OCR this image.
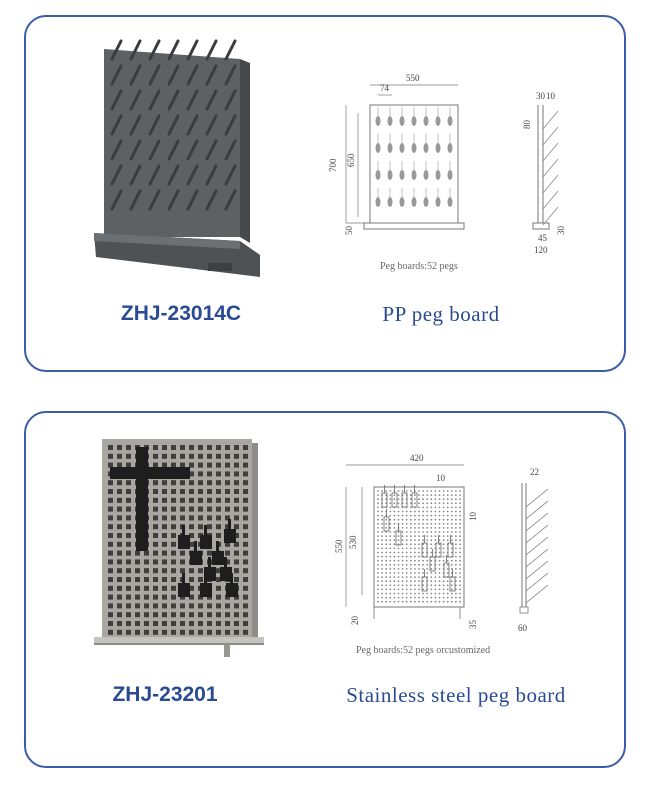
550
74
700 650
50
80
30 10
45
120
30
Peg boards:52 pegs
ZHJ-23014C	PP peg board
420
10
10
550 530
20	35
22
60
Peg boards:52 pegs orcustomized
ZHJ-23201	Stainless steel peg board
